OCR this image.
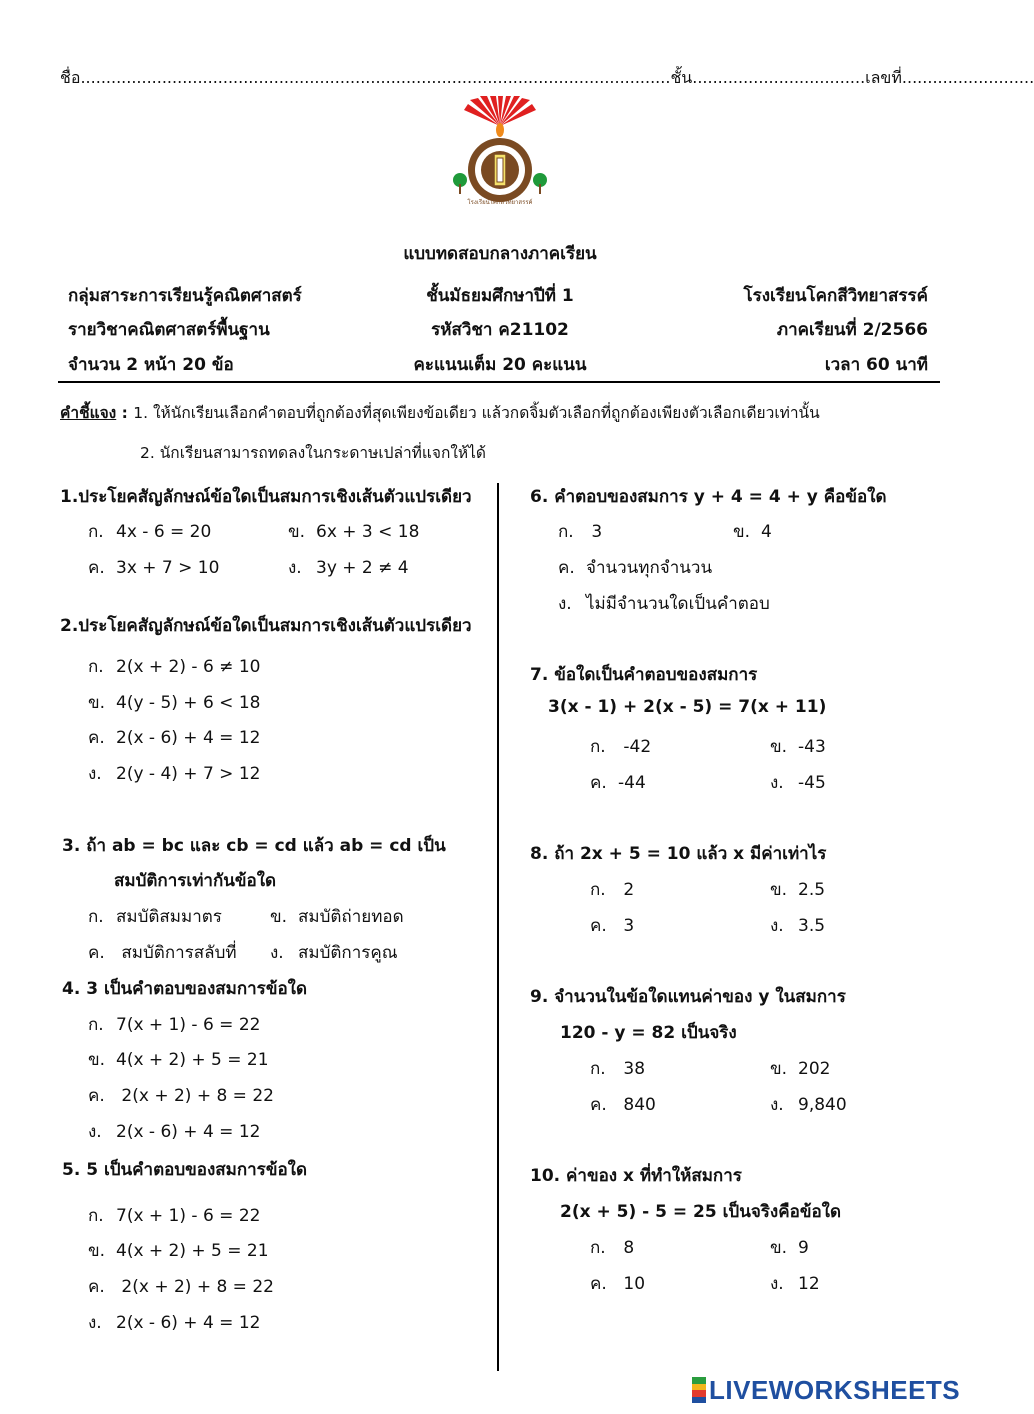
ชื่อ....................................................................................................................ชั้น..................................เลขที่..........................
โรงเรียนโคกสีวิทยาสรรค์
แบบทดสอบกลางภาคเรียน
กลุ่มสาระการเรียนรู้คณิตศาสตร์	ชั้นมัธยมศึกษาปีที่ 1	โรงเรียนโคกสีวิทยาสรรค์
รายวิชาคณิตศาสตร์พื้นฐาน	รหัสวิชา ค21102	ภาคเรียนที่ 2/2566
จำนวน 2 หน้า 20 ข้อ	คะแนนเต็ม 20 คะแนน	เวลา 60 นาที
คำชี้แจง : 1. ให้นักเรียนเลือกคำตอบที่ถูกต้องที่สุดเพียงข้อเดียว แล้วกดจิ้มตัวเลือกที่ถูกต้องเพียงตัวเลือกเดียวเท่านั้น
2. นักเรียนสามารถทดลงในกระดาษเปล่าที่แจกให้ได้
1.ประโยคสัญลักษณ์ข้อใดเป็นสมการเชิงเส้นตัวแปรเดียว
ก. 4x - 6 = 20	ข. 6x + 3 < 18
ค. 3x + 7 > 10	ง. 3y + 2 ≠ 4
2.ประโยคสัญลักษณ์ข้อใดเป็นสมการเชิงเส้นตัวแปรเดียว
ก. 2(x + 2) - 6 ≠ 10
ข. 4(y - 5) + 6 < 18
ค. 2(x - 6) + 4 = 12
ง. 2(y - 4) + 7 > 12
3. ถ้า ab = bc และ cb = cd แล้ว ab = cd เป็น
สมบัติการเท่ากันข้อใด
ก. สมบัติสมมาตร	ข. สมบัติถ่ายทอด
ค. สมบัติการสลับที่ ง. สมบัติการคูณ
4. 3 เป็นคำตอบของสมการข้อใด
ก. 7(x + 1) - 6 = 22
ข. 4(x + 2) + 5 = 21
ค. 2(x + 2) + 8 = 22
ง. 2(x - 6) + 4 = 12
5. 5 เป็นคำตอบของสมการข้อใด
ก. 7(x + 1) - 6 = 22
ข. 4(x + 2) + 5 = 21
ค. 2(x + 2) + 8 = 22
ง. 2(x - 6) + 4 = 12
6. คำตอบของสมการ y + 4 = 4 + y คือข้อใด
ก. 3	ข. 4
ค. จำนวนทุกจำนวน
ง. ไม่มีจำนวนใดเป็นคำตอบ
7. ข้อใดเป็นคำตอบของสมการ
3(x - 1) + 2(x - 5) = 7(x + 11)
ก. -42	ข. -43
ค. -44	ง. -45
8. ถ้า 2x + 5 = 10 แล้ว x มีค่าเท่าไร
ก. 2	ข. 2.5
ค. 3	ง. 3.5
9. จำนวนในข้อใดแทนค่าของ y ในสมการ
120 - y = 82 เป็นจริง
ก. 38	ข. 202
ค. 840	ง. 9,840
10. ค่าของ x ที่ทำให้สมการ
2(x + 5) - 5 = 25 เป็นจริงคือข้อใด
ก. 8	ข. 9
ค. 10	ง. 12
LIVEWORKSHEETS
